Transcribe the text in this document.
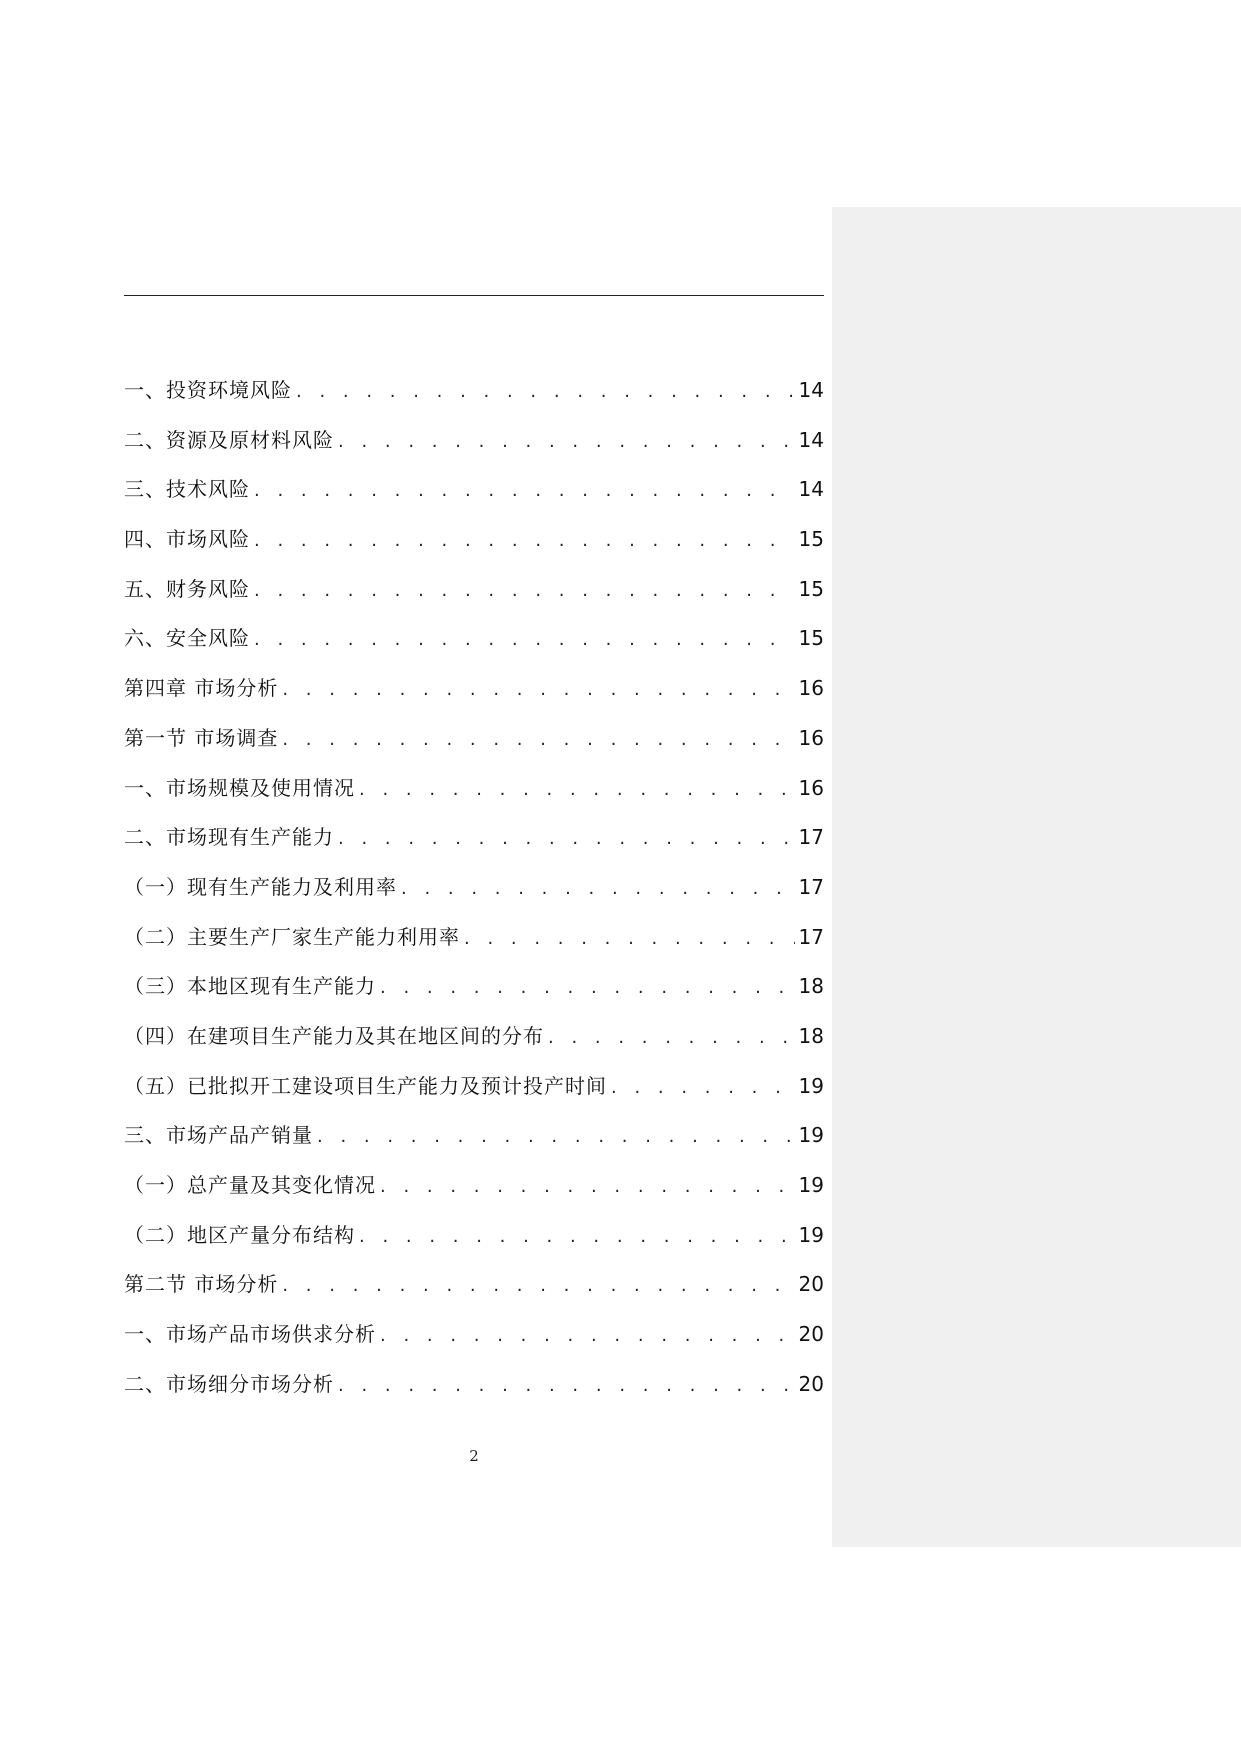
一、投资环境风险 . . .	14
二、资源及原材料风险 . . .	14
三、技术风险 . . .	14
四、市场风险 . . .	15
五、财务风险 . . .	15
六、安全风险 . . .	15
第四章 市场分析 . . .	16
第一节 市场调查 . . .	16
一、市场规模及使用情况 . . .	16
二、市场现有生产能力 . . .	17
（一）现有生产能力及利用率 . . .	17
（二）主要生产厂家生产能力利用率 . . .	17
（三）本地区现有生产能力 . . .	18
（四）在建项目生产能力及其在地区间的分布 . . .	18
（五）已批拟开工建设项目生产能力及预计投产时间 . . .	19
三、市场产品产销量 . . .	19
（一）总产量及其变化情况 . . .	19
（二）地区产量分布结构 . . .	19
第二节 市场分析 . . .	20
一、市场产品市场供求分析 . . .	20
二、市场细分市场分析 . . .	20
2
